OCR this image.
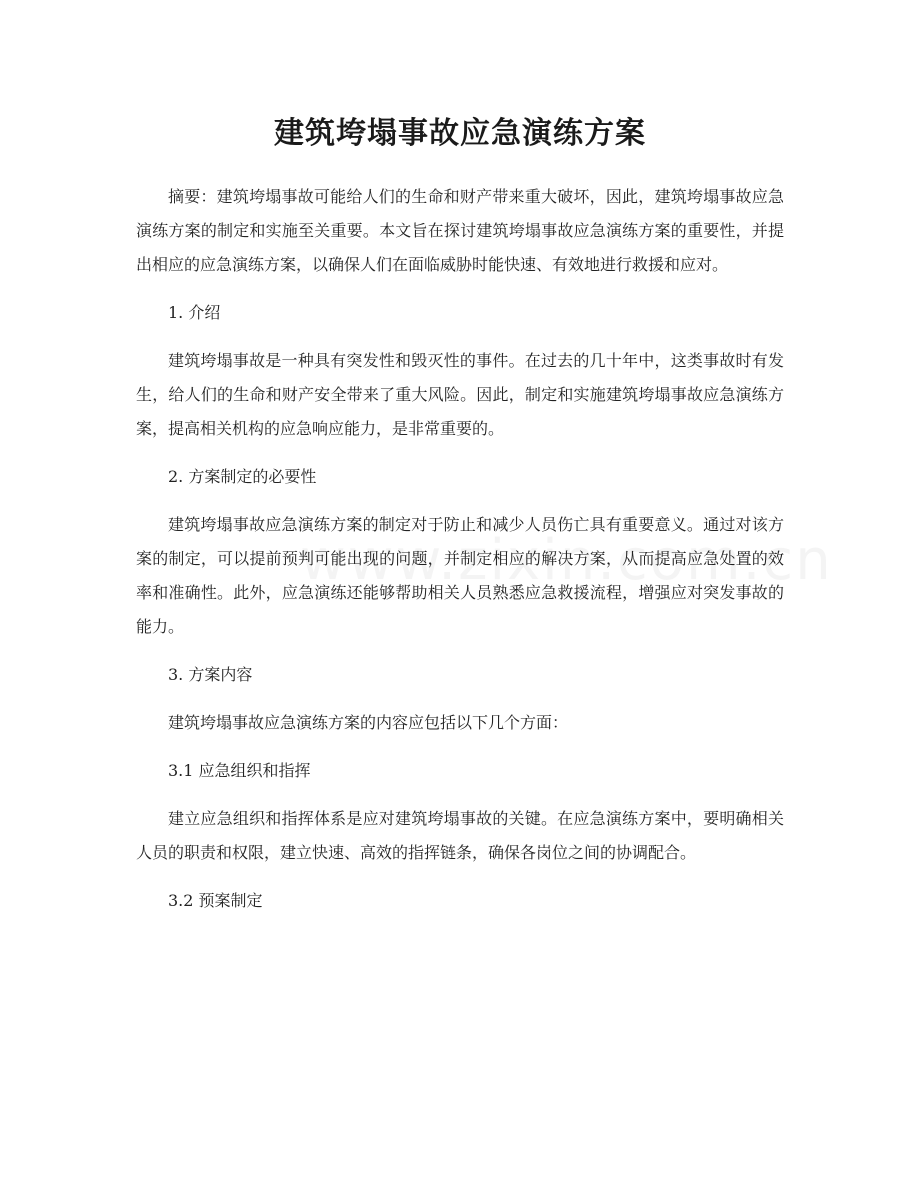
建筑垮塌事故应急演练方案

摘要：建筑垮塌事故可能给人们的生命和财产带来重大破坏，因此，建筑垮塌事故应急演练方案的制定和实施至关重要。本文旨在探讨建筑垮塌事故应急演练方案的重要性，并提出相应的应急演练方案，以确保人们在面临威胁时能快速、有效地进行救援和应对。

1. 介绍

建筑垮塌事故是一种具有突发性和毁灭性的事件。在过去的几十年中，这类事故时有发生，给人们的生命和财产安全带来了重大风险。因此，制定和实施建筑垮塌事故应急演练方案，提高相关机构的应急响应能力，是非常重要的。

2. 方案制定的必要性

建筑垮塌事故应急演练方案的制定对于防止和减少人员伤亡具有重要意义。通过对该方案的制定，可以提前预判可能出现的问题，并制定相应的解决方案，从而提高应急处置的效率和准确性。此外，应急演练还能够帮助相关人员熟悉应急救援流程，增强应对突发事故的能力。

3. 方案内容

建筑垮塌事故应急演练方案的内容应包括以下几个方面：

3.1 应急组织和指挥

建立应急组织和指挥体系是应对建筑垮塌事故的关键。在应急演练方案中，要明确相关人员的职责和权限，建立快速、高效的指挥链条，确保各岗位之间的协调配合。

3.2 预案制定
